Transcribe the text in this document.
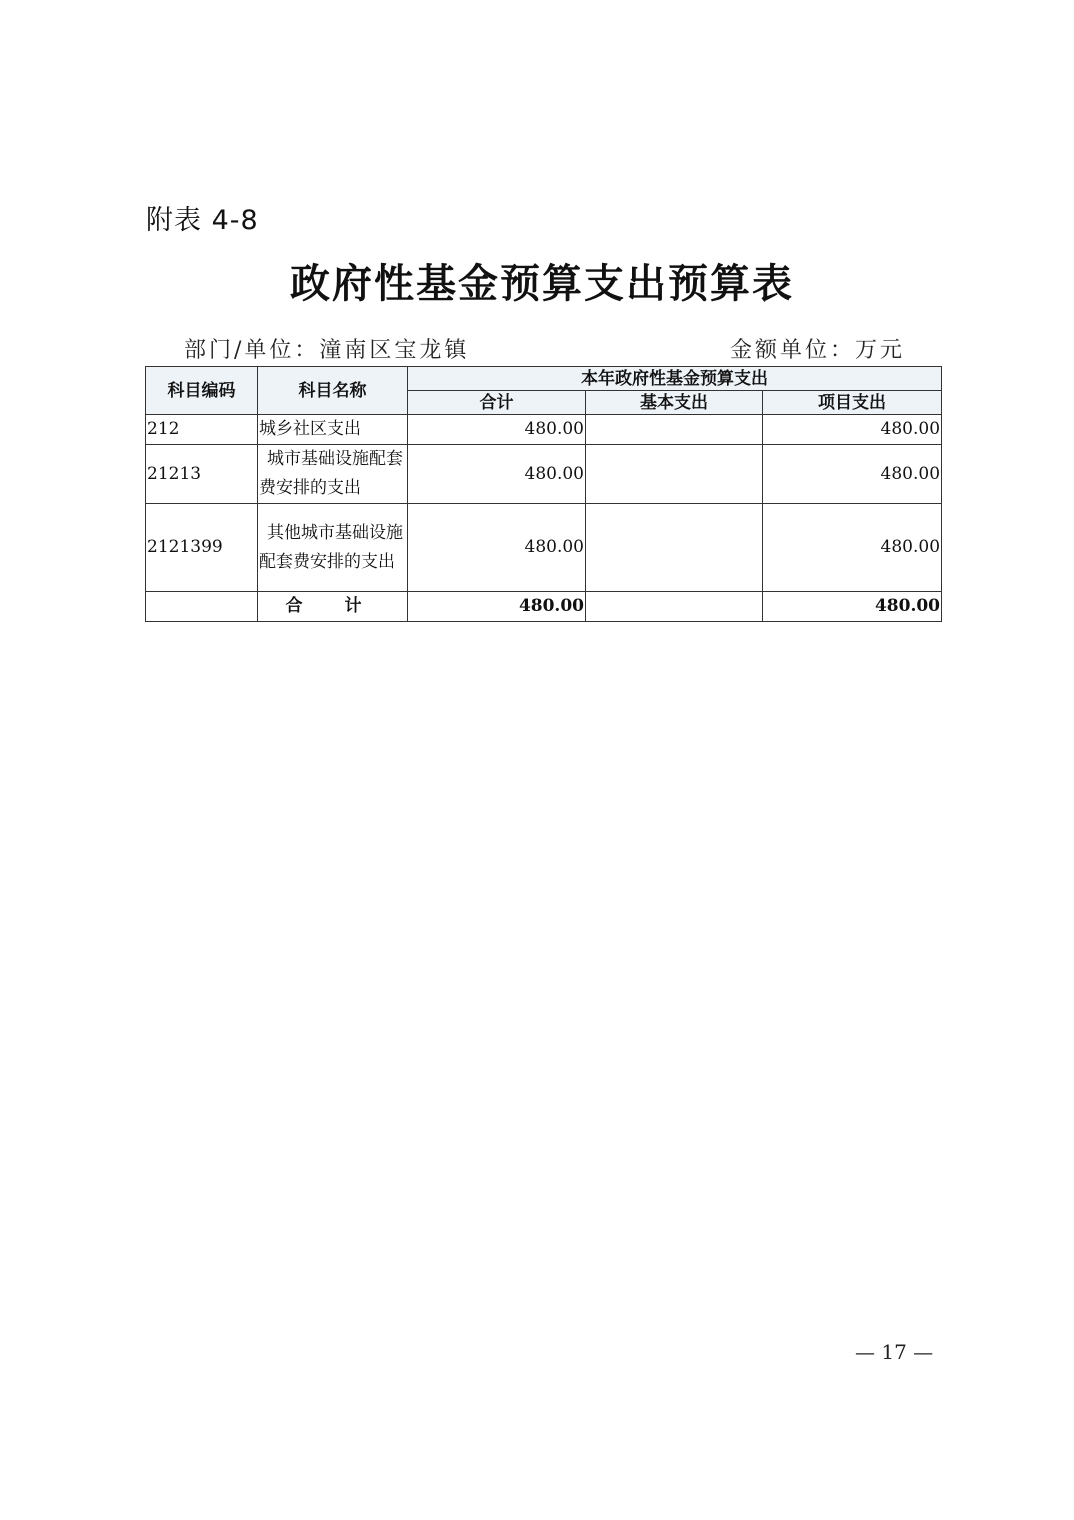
附表 4-8
政府性基金预算支出预算表
部门/单位：潼南区宝龙镇	金额单位：万元
科目编码	科目名称	本年政府性基金预算支出		
		合计	基本支出	项目支出
212	城乡社区支出	480.00		480.00
21213	城市基础设施配套费安排的支出	480.00		480.00
2121399	其他城市基础设施配套费安排的支出	480.00		480.00
	合 计	480.00		480.00
— 17 —
